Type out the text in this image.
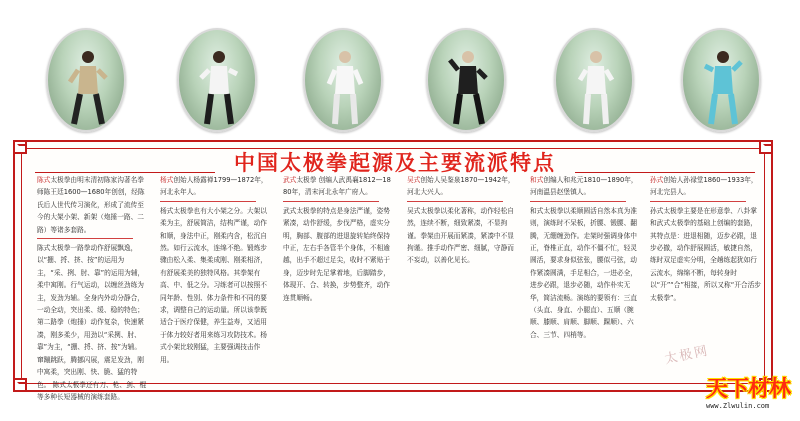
中国太极拳起源及主要流派特点
陈式太极拳由明末清初陈家沟著名拳师陈王廷1600—1680年创创，经陈氏后人世代传习演化，形成了流传至今的大架小架、新架（炮捶一路、二路）等诸多套路。
陈式太极拳一路拳动作舒展飘逸，以“掤、捋、挤、按”的运用为主，“采、挒、肘、靠”的运用为辅，柔中寓刚。行气运动，以缠丝劲练为主，发劲为辅。全身内外动分静合，一动全动，突出柔、缓、稳的特色；第二路拳（炮捶）动作复杂，快速紧凑，刚多柔少，用劲以“采挒、肘、靠”为主，“掤、捋、挤、按”为辅。窜蹦跳跃，腾挪闪展，震足发劲，刚中寓柔，突出刚、快、脆、猛的特色。 陈式太极拳还有刀、枪、剑、棍等多种长短器械的演练套路。
杨式创始人杨露禅1799—1872年，河北永年人。
杨式太极拳也有大小架之分。大架以柔为主，舒展简洁，结构严谨，动作和顺，身法中正，刚柔内含，松沉自然。如行云流水，连绵不绝。锻炼步骤由松入柔、集柔成刚、刚柔相济，有舒展柔美的独特风格。其拳架有高、中、低之分。习练者可以按照不同年龄、性别、体力条件和不同的要求，调整自己的运动量。所以该拳既适合于医疗保健，养生益寿，又适用于体力较好者用来练习攻防技术。杨式小架比较刚猛，主要强调技击作用。
武式太极拳 创编人武禹襄1812—1880年，清末河北永年广府人。
武式太极拳的特点是身法严谨，姿势紧凑，动作舒缓，步伐严格，虚实分明，胸部、腹部的进退旋转始终保持中正，左右手各管半个身体，不相逾越，出手不超过足尖，收时不紧贴于身，迈步时先足掌着地，后脚踏步，体现开、合、转换，步势整齐，动作连贯顺畅。
吴式创始人吴鉴泉1870—1942年，河北大兴人。
吴式太极拳以柔化著称，动作轻松自然，连续不断，细致紧凑，不显拘谨。拳架由开展而紧凑，紧凑中不显拘谨。推手动作严密、细腻，守静而不妄动，以善化见长。
和式创编人和兆元1810—1890年，河南温县赵堡镇人。
和式太极拳以柔顺圆活自然本真为准则，演练时不呆板，折腰、锻腰、翻腾，无绷缠劲作。走架时强调身体中正，脊椎正直，动作不僵不忙，轻灵圆活，要求身似弦张，腰似弓弦，动作紧凑圆满，手足相合，一进必全，进步必跟，退步必随，动作朴实无华，简洁流畅。演练的要领有：三直（头直、身直、小腿直）、五顺（腕顺、膝顺、肩顺、脚顺、踝顺）、六合、三节、四梢等。
孙式创始人孙禄堂1860—1933年，河北完县人。
孙式太极拳主要是在形意拳、八卦掌和武式太极拳的基础上创编的套路，其特点是：进退相随，迈步必跟，退步必撤，动作舒展圆活，敏捷自然，练时双足虚实分明，全趟练起犹如行云流水，绵绵不断，每转身时以“开”“合”相接，所以又称“开合活步太极拳”。
太极网
天下材林
www.Zlwulin.com
